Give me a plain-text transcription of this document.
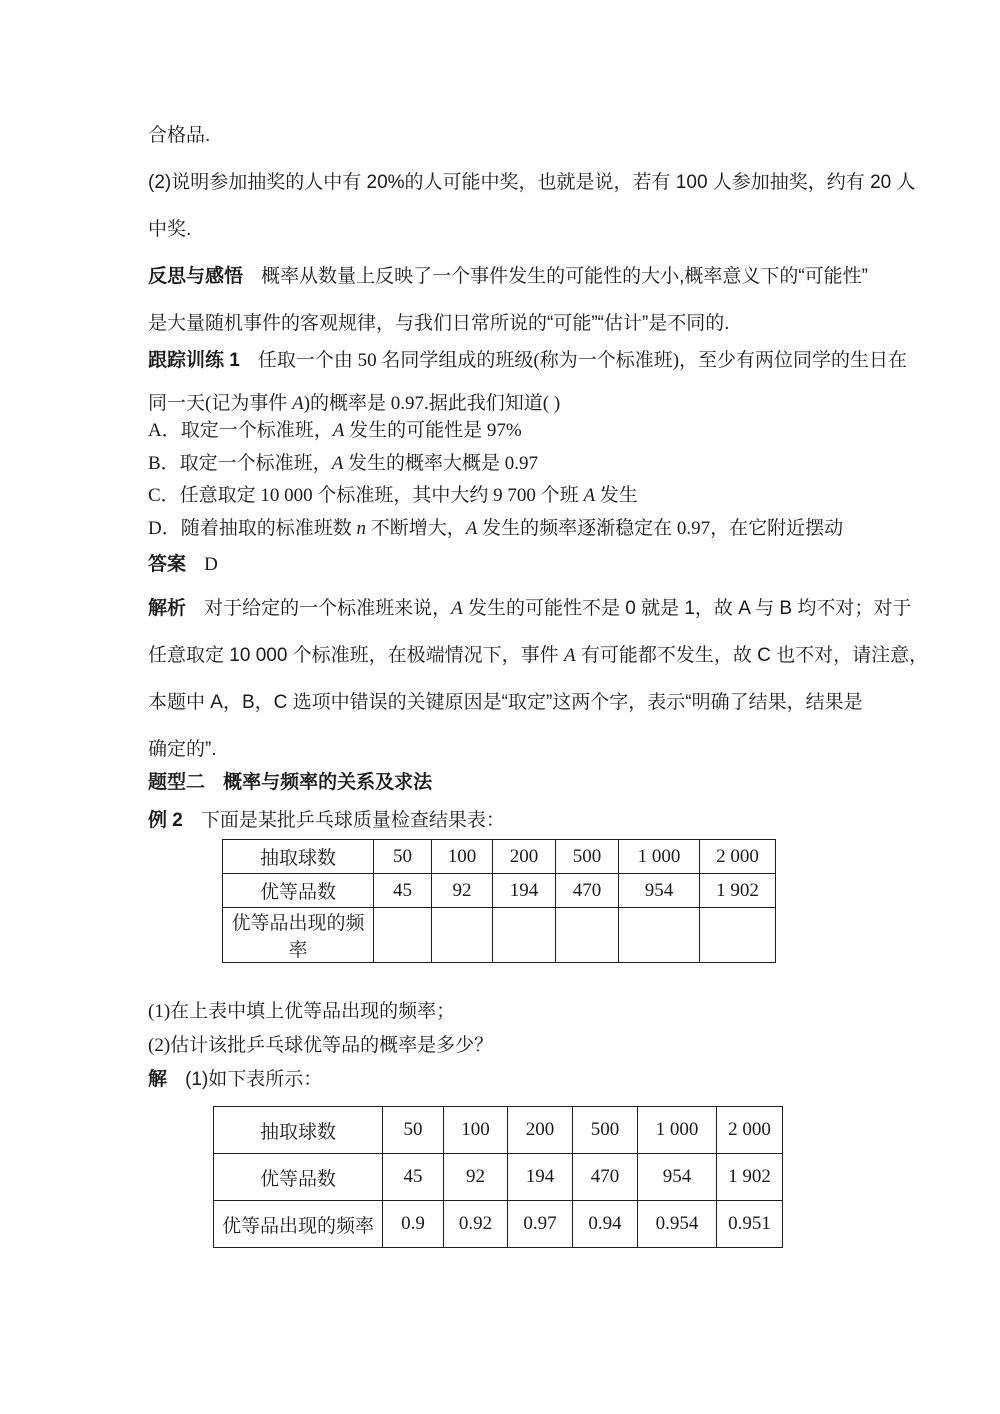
合格品.
(2)说明参加抽奖的人中有 20%的人可能中奖，也就是说，若有 100 人参加抽奖，约有 20 人
中奖.
反思与感悟 概率从数量上反映了一个事件发生的可能性的大小,概率意义下的“可能性”
是大量随机事件的客观规律，与我们日常所说的“可能”“估计”是不同的.
跟踪训练 1 任取一个由 50 名同学组成的班级(称为一个标准班)，至少有两位同学的生日在
同一天(记为事件 A)的概率是 0.97.据此我们知道( )
A．取定一个标准班，A 发生的可能性是 97%
B．取定一个标准班，A 发生的概率大概是 0.97
C．任意取定 10 000 个标准班，其中大约 9 700 个班 A 发生
D．随着抽取的标准班数 n 不断增大，A 发生的频率逐渐稳定在 0.97，在它附近摆动
答案 D
解析 对于给定的一个标准班来说，A 发生的可能性不是 0 就是 1，故 A 与 B 均不对；对于
任意取定 10 000 个标准班，在极端情况下，事件 A 有可能都不发生，故 C 也不对，请注意，
本题中 A，B，C 选项中错误的关键原因是“取定”这两个字，表示“明确了结果，结果是
确定的”.
题型二 概率与频率的关系及求法
例 2 下面是某批乒乓球质量检查结果表：
抽取球数	50	100	200	500	1 000	2 000
优等品数	45	92	194	470	954	1 902
优等品出现的频率						
(1)在上表中填上优等品出现的频率；
(2)估计该批乒乓球优等品的概率是多少？
解 (1)如下表所示：
抽取球数	50	100	200	500	1 000	2 000
优等品数	45	92	194	470	954	1 902
优等品出现的频率	0.9	0.92	0.97	0.94	0.954	0.951
